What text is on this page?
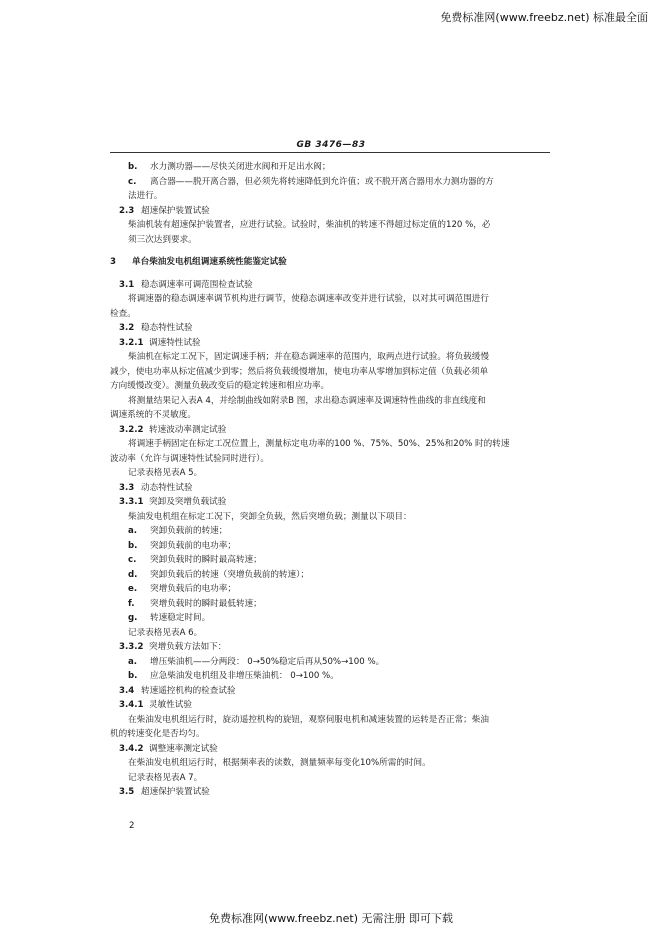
免费标准网(www.freebz.net) 标准最全面
GB 3476—83
b. 水力测功器——尽快关闭进水阀和开足出水阀；
c. 离合器——脱开离合器，但必须先将转速降低到允许值；或不脱开离合器用水力测功器的方
法进行。
2.3 超速保护装置试验
柴油机装有超速保护装置者，应进行试验。试验时，柴油机的转速不得超过标定值的120 %，必
须三次达到要求。
3 单台柴油发电机组调速系统性能鉴定试验
3.1 稳态调速率可调范围检查试验
将调速器的稳态调速率调节机构进行调节，使稳态调速率改变并进行试验，以对其可调范围进行
检查。
3.2 稳态特性试验
3.2.1 调速特性试验
柴油机在标定工况下，固定调速手柄；并在稳态调速率的范围内，取两点进行试验。将负载缓慢
减少，使电功率从标定值减少到零；然后将负载缓慢增加，使电功率从零增加到标定值（负载必须单
方向缓慢改变）。测量负载改变后的稳定转速和相应功率。
将测量结果记入表A 4，并绘制曲线如附录B 图，求出稳态调速率及调速特性曲线的非直线度和
调速系统的不灵敏度。
3.2.2 转速波动率测定试验
将调速手柄固定在标定工况位置上，测量标定电功率的100 %、75%、50%、25%和20% 时的转速
波动率（允许与调速特性试验同时进行）。
记录表格见表A 5。
3.3 动态特性试验
3.3.1 突卸及突增负载试验
柴油发电机组在标定工况下，突卸全负载，然后突增负载；测量以下项目：
a. 突卸负载前的转速；
b. 突卸负载前的电功率；
c. 突卸负载时的瞬时最高转速；
d. 突卸负载后的转速（突增负载前的转速）；
e. 突增负载后的电功率；
f. 突增负载时的瞬时最低转速；
g. 转速稳定时间。
记录表格见表A 6。
3.3.2 突增负载方法如下：
a. 增压柴油机——分两段： 0→50%稳定后再从50%→100 %。
b. 应急柴油发电机组及非增压柴油机： 0→100 %。
3.4 转速遥控机构的检查试验
3.4.1 灵敏性试验
在柴油发电机组运行时，旋动遥控机构的旋钮，观察伺服电机和减速装置的运转是否正常；柴油
机的转速变化是否均匀。
3.4.2 调整速率测定试验
在柴油发电机组运行时，根据频率表的读数，测量频率每变化10%所需的时间。
记录表格见表A 7。
3.5 超速保护装置试验
2
免费标准网(www.freebz.net) 无需注册 即可下载
